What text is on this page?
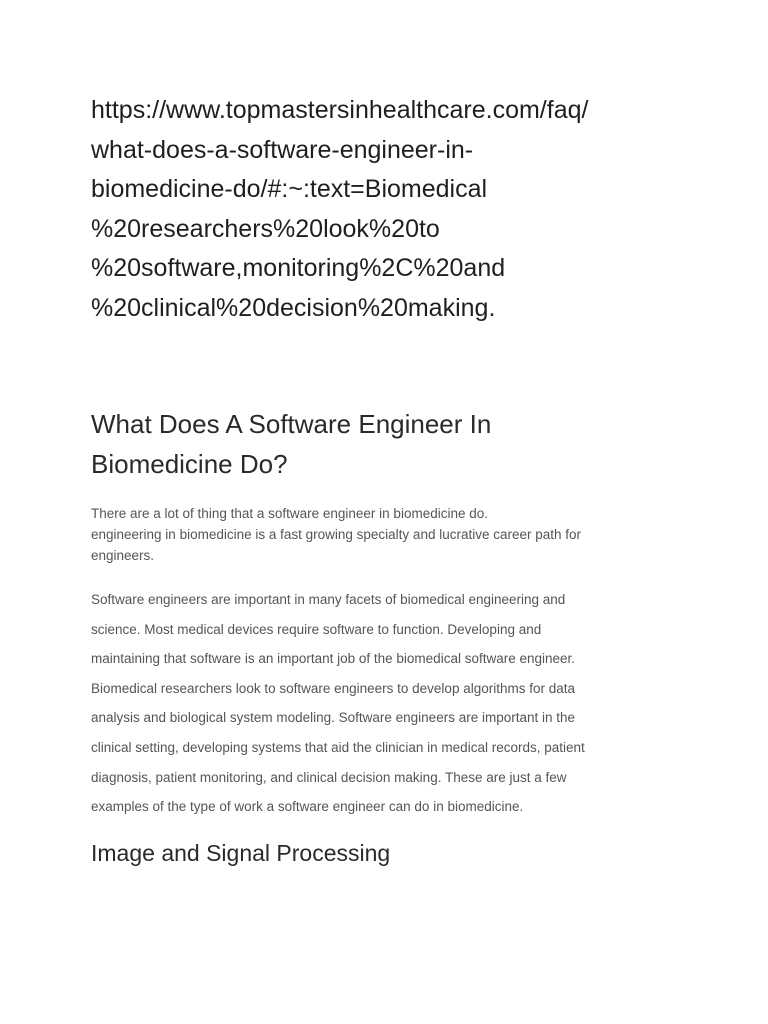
https://www.topmastersinhealthcare.com/faq/
what-does-a-software-engineer-in-
biomedicine-do/#:~:text=Biomedical
%20researchers%20look%20to
%20software,monitoring%2C%20and
%20clinical%20decision%20making.

What Does A Software Engineer In
Biomedicine Do?

There are a lot of thing that a software engineer in biomedicine do.
engineering in biomedicine is a fast growing specialty and lucrative career path for
engineers.

Software engineers are important in many facets of biomedical engineering and
science. Most medical devices require software to function. Developing and
maintaining that software is an important job of the biomedical software engineer.
Biomedical researchers look to software engineers to develop algorithms for data
analysis and biological system modeling. Software engineers are important in the
clinical setting, developing systems that aid the clinician in medical records, patient
diagnosis, patient monitoring, and clinical decision making. These are just a few
examples of the type of work a software engineer can do in biomedicine.

Image and Signal Processing
